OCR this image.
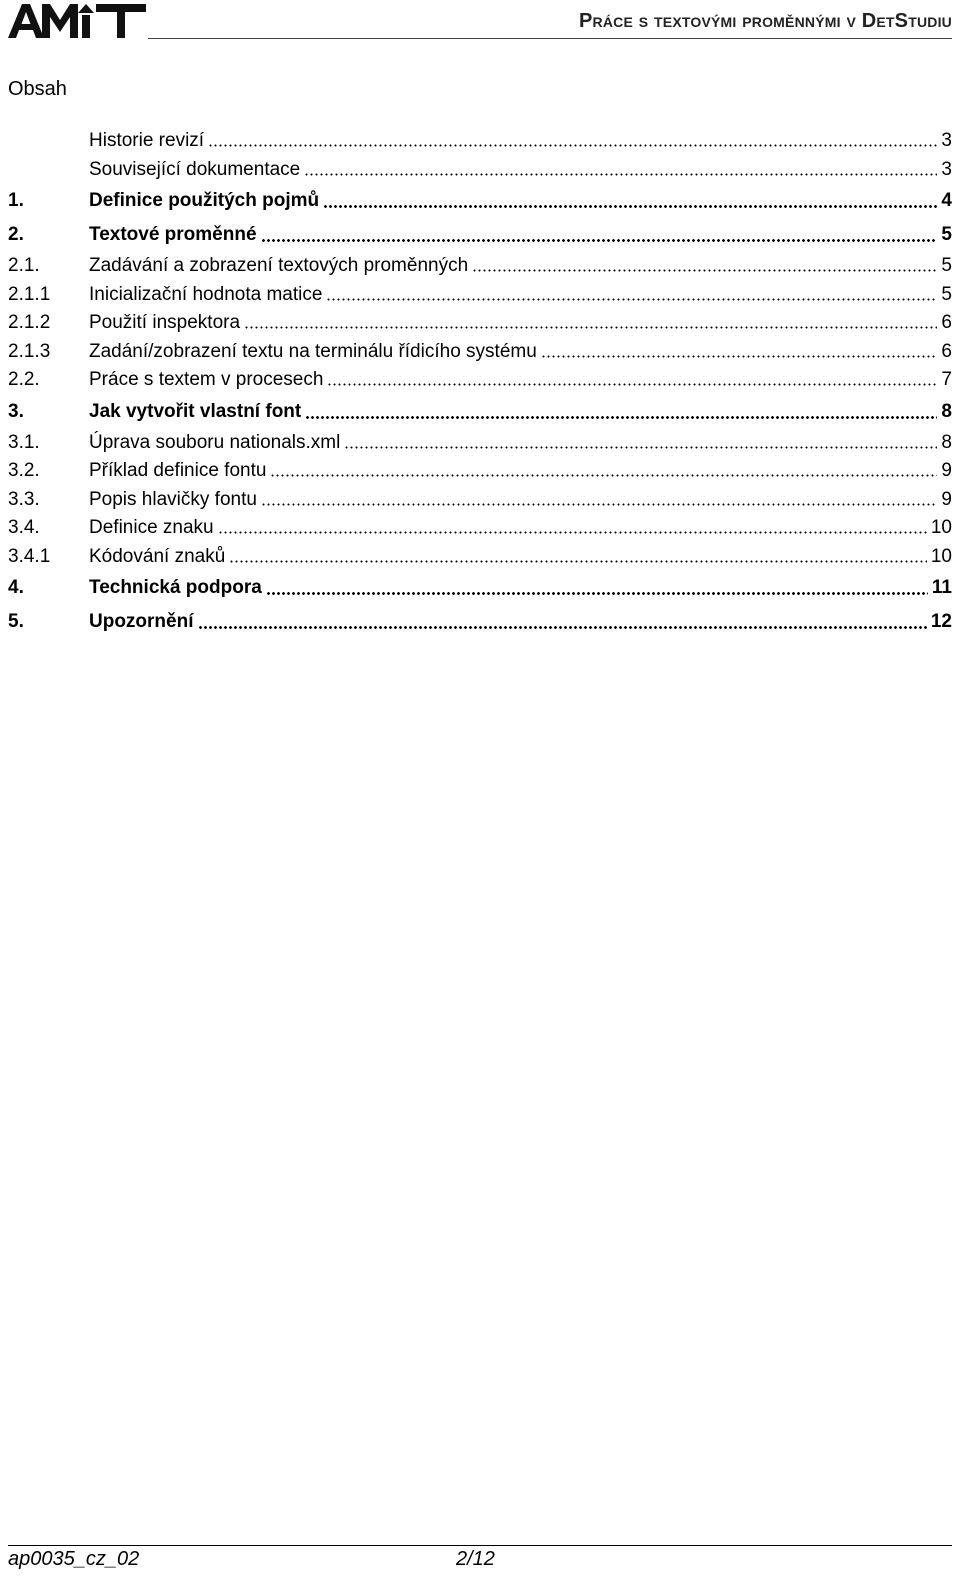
Práce s textovými proměnnými v DetStudiu
Obsah
Historie revizí	3
Související dokumentace	3
1.	Definice použitých pojmů	4
2.	Textové proměnné	5
2.1.	Zadávání a zobrazení textových proměnných	5
2.1.1 Inicializační hodnota matice	5
2.1.2 Použití inspektora	6
2.1.3 Zadání/zobrazení textu na terminálu řídicího systému	6
2.2.	Práce s textem v procesech	7
3.	Jak vytvořit vlastní font	8
3.1.	Úprava souboru nationals.xml	8
3.2.	Příklad definice fontu	9
3.3.	Popis hlavičky fontu	9
3.4.	Definice znaku	10
3.4.1 Kódování znaků	10
4.	Technická podpora	11
5.	Upozornění	12
ap0035_cz_02	2/12
